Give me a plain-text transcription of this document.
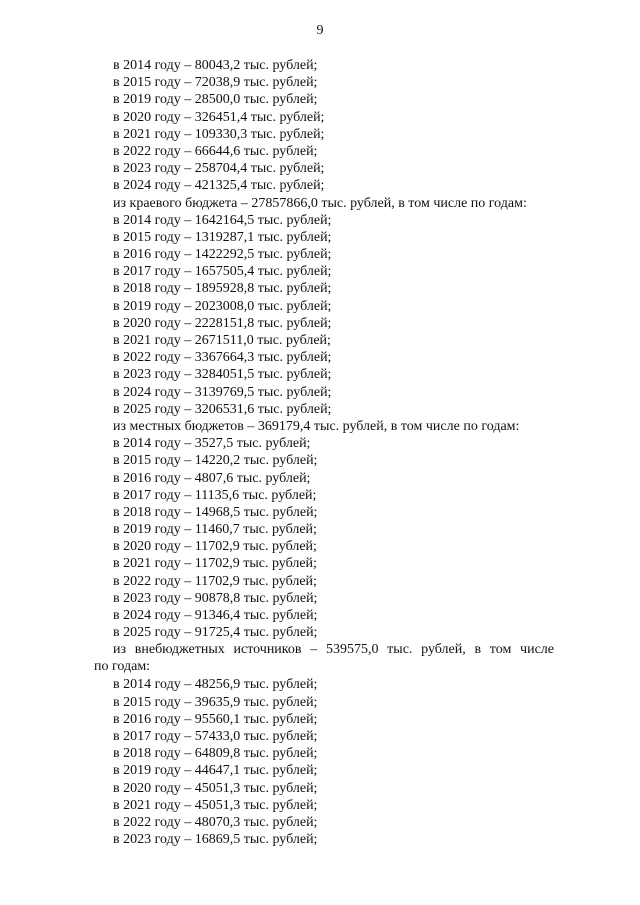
9
в 2014 году – 80043,2 тыс. рублей;
в 2015 году – 72038,9 тыс. рублей;
в 2019 году – 28500,0 тыс. рублей;
в 2020 году – 326451,4 тыс. рублей;
в 2021 году – 109330,3 тыс. рублей;
в 2022 году – 66644,6 тыс. рублей;
в 2023 году – 258704,4 тыс. рублей;
в 2024 году – 421325,4 тыс. рублей;
из краевого бюджета – 27857866,0 тыс. рублей, в том числе по годам:
в 2014 году – 1642164,5 тыс. рублей;
в 2015 году – 1319287,1 тыс. рублей;
в 2016 году – 1422292,5 тыс. рублей;
в 2017 году – 1657505,4 тыс. рублей;
в 2018 году – 1895928,8 тыс. рублей;
в 2019 году – 2023008,0 тыс. рублей;
в 2020 году – 2228151,8 тыс. рублей;
в 2021 году – 2671511,0 тыс. рублей;
в 2022 году – 3367664,3 тыс. рублей;
в 2023 году – 3284051,5 тыс. рублей;
в 2024 году – 3139769,5 тыс. рублей;
в 2025 году – 3206531,6 тыс. рублей;
из местных бюджетов – 369179,4 тыс. рублей, в том числе по годам:
в 2014 году – 3527,5 тыс. рублей;
в 2015 году – 14220,2 тыс. рублей;
в 2016 году – 4807,6 тыс. рублей;
в 2017 году – 11135,6 тыс. рублей;
в 2018 году – 14968,5 тыс. рублей;
в 2019 году – 11460,7 тыс. рублей;
в 2020 году – 11702,9 тыс. рублей;
в 2021 году – 11702,9 тыс. рублей;
в 2022 году – 11702,9 тыс. рублей;
в 2023 году – 90878,8 тыс. рублей;
в 2024 году – 91346,4 тыс. рублей;
в 2025 году – 91725,4 тыс. рублей;
из внебюджетных источников – 539575,0 тыс. рублей, в том числе
по годам:
в 2014 году – 48256,9 тыс. рублей;
в 2015 году – 39635,9 тыс. рублей;
в 2016 году – 95560,1 тыс. рублей;
в 2017 году – 57433,0 тыс. рублей;
в 2018 году – 64809,8 тыс. рублей;
в 2019 году – 44647,1 тыс. рублей;
в 2020 году – 45051,3 тыс. рублей;
в 2021 году – 45051,3 тыс. рублей;
в 2022 году – 48070,3 тыс. рублей;
в 2023 году – 16869,5 тыс. рублей;
